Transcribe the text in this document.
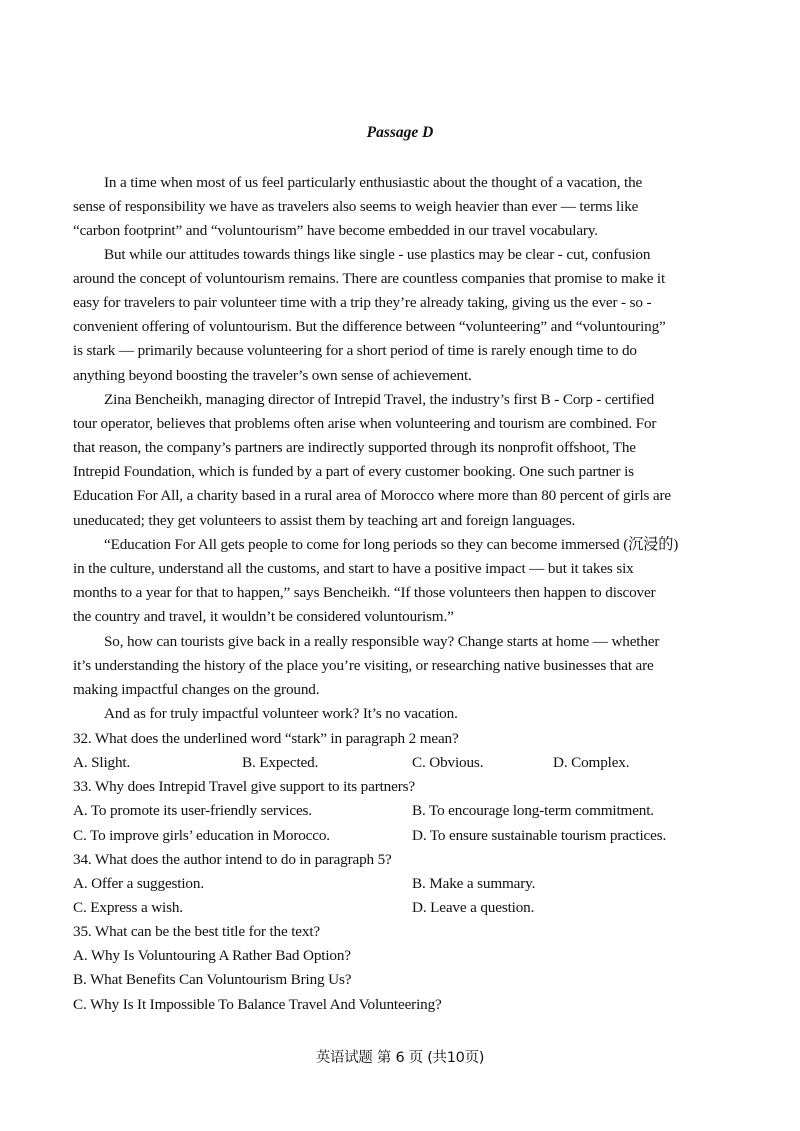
Passage D
In a time when most of us feel particularly enthusiastic about the thought of a vacation, the
sense of responsibility we have as travelers also seems to weigh heavier than ever — terms like
“carbon footprint” and “voluntourism” have become embedded in our travel vocabulary.
But while our attitudes towards things like single - use plastics may be clear - cut, confusion
around the concept of voluntourism remains. There are countless companies that promise to make it
easy for travelers to pair volunteer time with a trip they’re already taking, giving us the ever - so -
convenient offering of voluntourism. But the difference between “volunteering” and “voluntouring”
is stark — primarily because volunteering for a short period of time is rarely enough time to do
anything beyond boosting the traveler’s own sense of achievement.
Zina Bencheikh, managing director of Intrepid Travel, the industry’s first B - Corp - certified
tour operator, believes that problems often arise when volunteering and tourism are combined. For
that reason, the company’s partners are indirectly supported through its nonprofit offshoot, The
Intrepid Foundation, which is funded by a part of every customer booking. One such partner is
Education For All, a charity based in a rural area of Morocco where more than 80 percent of girls are
uneducated; they get volunteers to assist them by teaching art and foreign languages.
“Education For All gets people to come for long periods so they can become immersed (沉浸的)
in the culture, understand all the customs, and start to have a positive impact — but it takes six
months to a year for that to happen,” says Bencheikh. “If those volunteers then happen to discover
the country and travel, it wouldn’t be considered voluntourism.”
So, how can tourists give back in a really responsible way? Change starts at home — whether
it’s understanding the history of the place you’re visiting, or researching native businesses that are
making impactful changes on the ground.
And as for truly impactful volunteer work? It’s no vacation.
32. What does the underlined word “stark” in paragraph 2 mean?
A. Slight.	B. Expected.	C. Obvious.	D. Complex.
33. Why does Intrepid Travel give support to its partners?
A. To promote its user-friendly services.	B. To encourage long-term commitment.
C. To improve girls’ education in Morocco.	D. To ensure sustainable tourism practices.
34. What does the author intend to do in paragraph 5?
A. Offer a suggestion.	B. Make a summary.
C. Express a wish.	D. Leave a question.
35. What can be the best title for the text?
A. Why Is Voluntouring A Rather Bad Option?
B. What Benefits Can Voluntourism Bring Us?
C. Why Is It Impossible To Balance Travel And Volunteering?
英语试题 第 6 页 (共10页)
